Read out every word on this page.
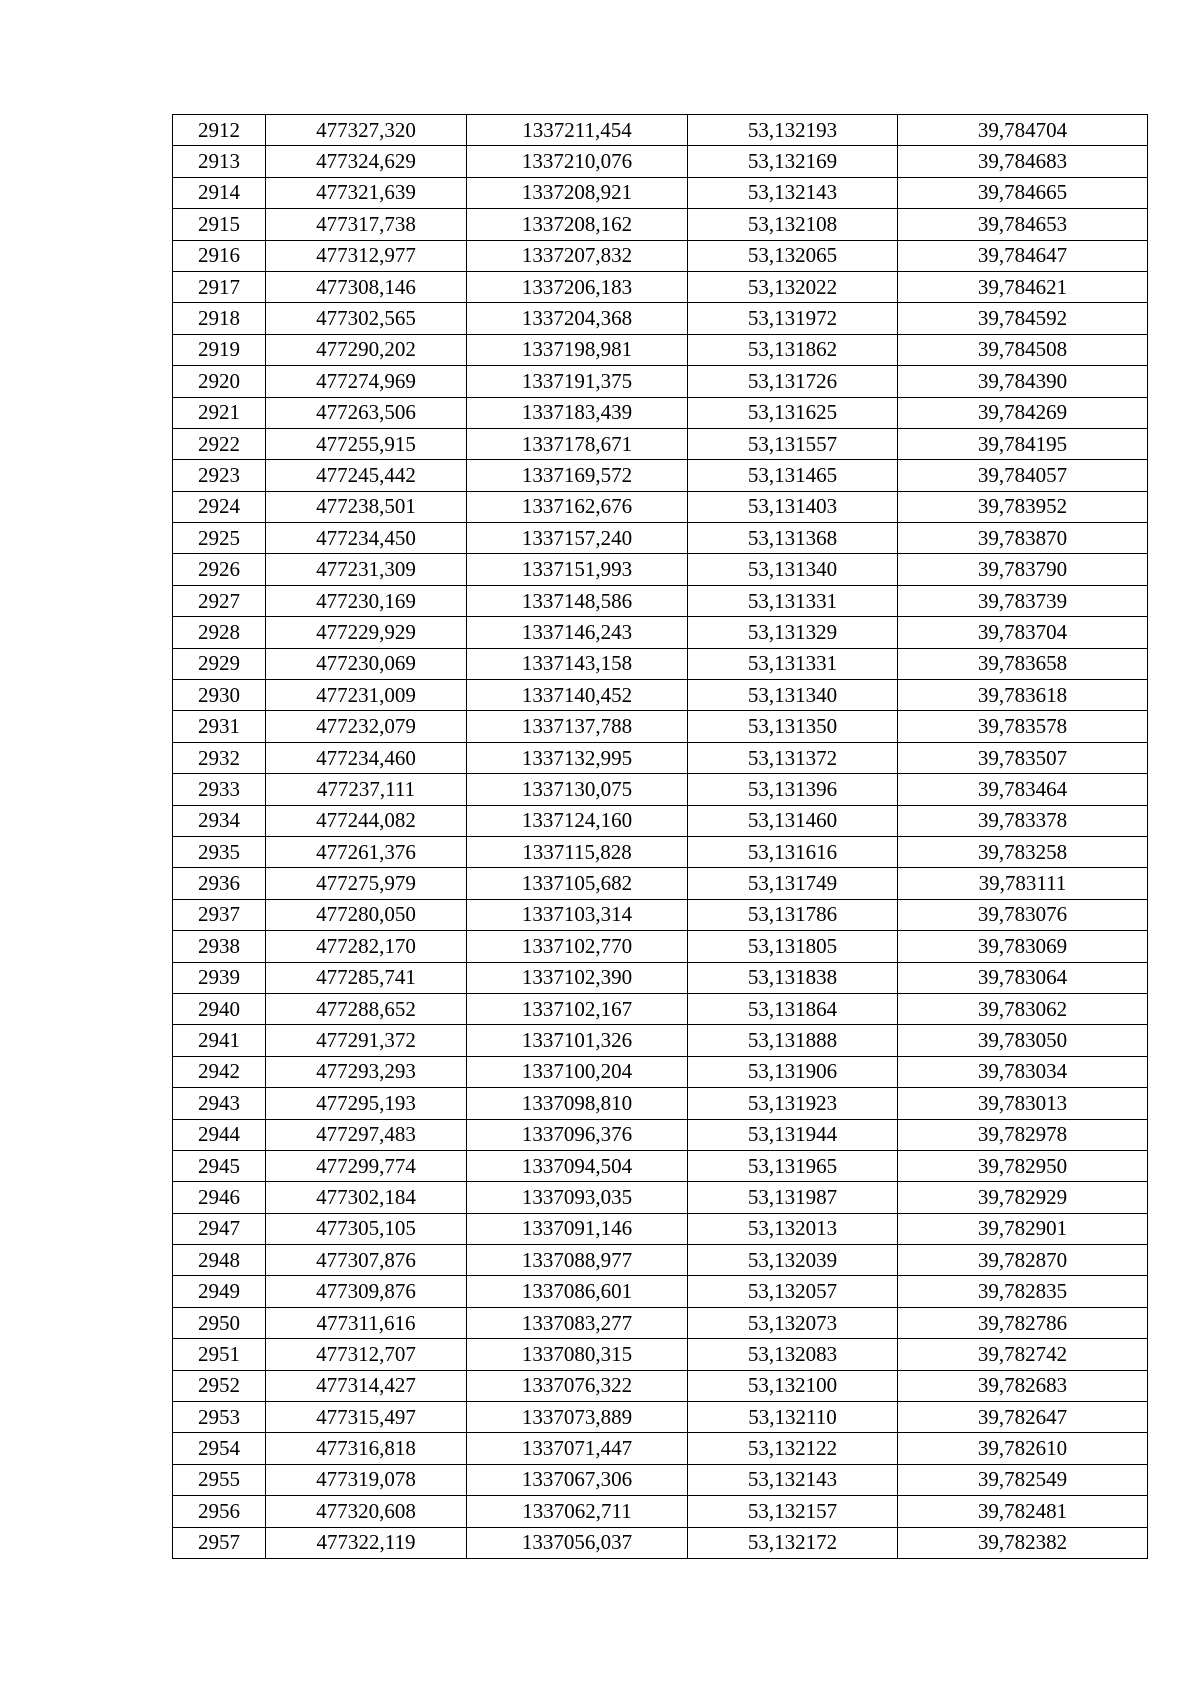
2912	477327,320	1337211,454	53,132193	39,784704
2913	477324,629	1337210,076	53,132169	39,784683
2914	477321,639	1337208,921	53,132143	39,784665
2915	477317,738	1337208,162	53,132108	39,784653
2916	477312,977	1337207,832	53,132065	39,784647
2917	477308,146	1337206,183	53,132022	39,784621
2918	477302,565	1337204,368	53,131972	39,784592
2919	477290,202	1337198,981	53,131862	39,784508
2920	477274,969	1337191,375	53,131726	39,784390
2921	477263,506	1337183,439	53,131625	39,784269
2922	477255,915	1337178,671	53,131557	39,784195
2923	477245,442	1337169,572	53,131465	39,784057
2924	477238,501	1337162,676	53,131403	39,783952
2925	477234,450	1337157,240	53,131368	39,783870
2926	477231,309	1337151,993	53,131340	39,783790
2927	477230,169	1337148,586	53,131331	39,783739
2928	477229,929	1337146,243	53,131329	39,783704
2929	477230,069	1337143,158	53,131331	39,783658
2930	477231,009	1337140,452	53,131340	39,783618
2931	477232,079	1337137,788	53,131350	39,783578
2932	477234,460	1337132,995	53,131372	39,783507
2933	477237,111	1337130,075	53,131396	39,783464
2934	477244,082	1337124,160	53,131460	39,783378
2935	477261,376	1337115,828	53,131616	39,783258
2936	477275,979	1337105,682	53,131749	39,783111
2937	477280,050	1337103,314	53,131786	39,783076
2938	477282,170	1337102,770	53,131805	39,783069
2939	477285,741	1337102,390	53,131838	39,783064
2940	477288,652	1337102,167	53,131864	39,783062
2941	477291,372	1337101,326	53,131888	39,783050
2942	477293,293	1337100,204	53,131906	39,783034
2943	477295,193	1337098,810	53,131923	39,783013
2944	477297,483	1337096,376	53,131944	39,782978
2945	477299,774	1337094,504	53,131965	39,782950
2946	477302,184	1337093,035	53,131987	39,782929
2947	477305,105	1337091,146	53,132013	39,782901
2948	477307,876	1337088,977	53,132039	39,782870
2949	477309,876	1337086,601	53,132057	39,782835
2950	477311,616	1337083,277	53,132073	39,782786
2951	477312,707	1337080,315	53,132083	39,782742
2952	477314,427	1337076,322	53,132100	39,782683
2953	477315,497	1337073,889	53,132110	39,782647
2954	477316,818	1337071,447	53,132122	39,782610
2955	477319,078	1337067,306	53,132143	39,782549
2956	477320,608	1337062,711	53,132157	39,782481
2957	477322,119	1337056,037	53,132172	39,782382
